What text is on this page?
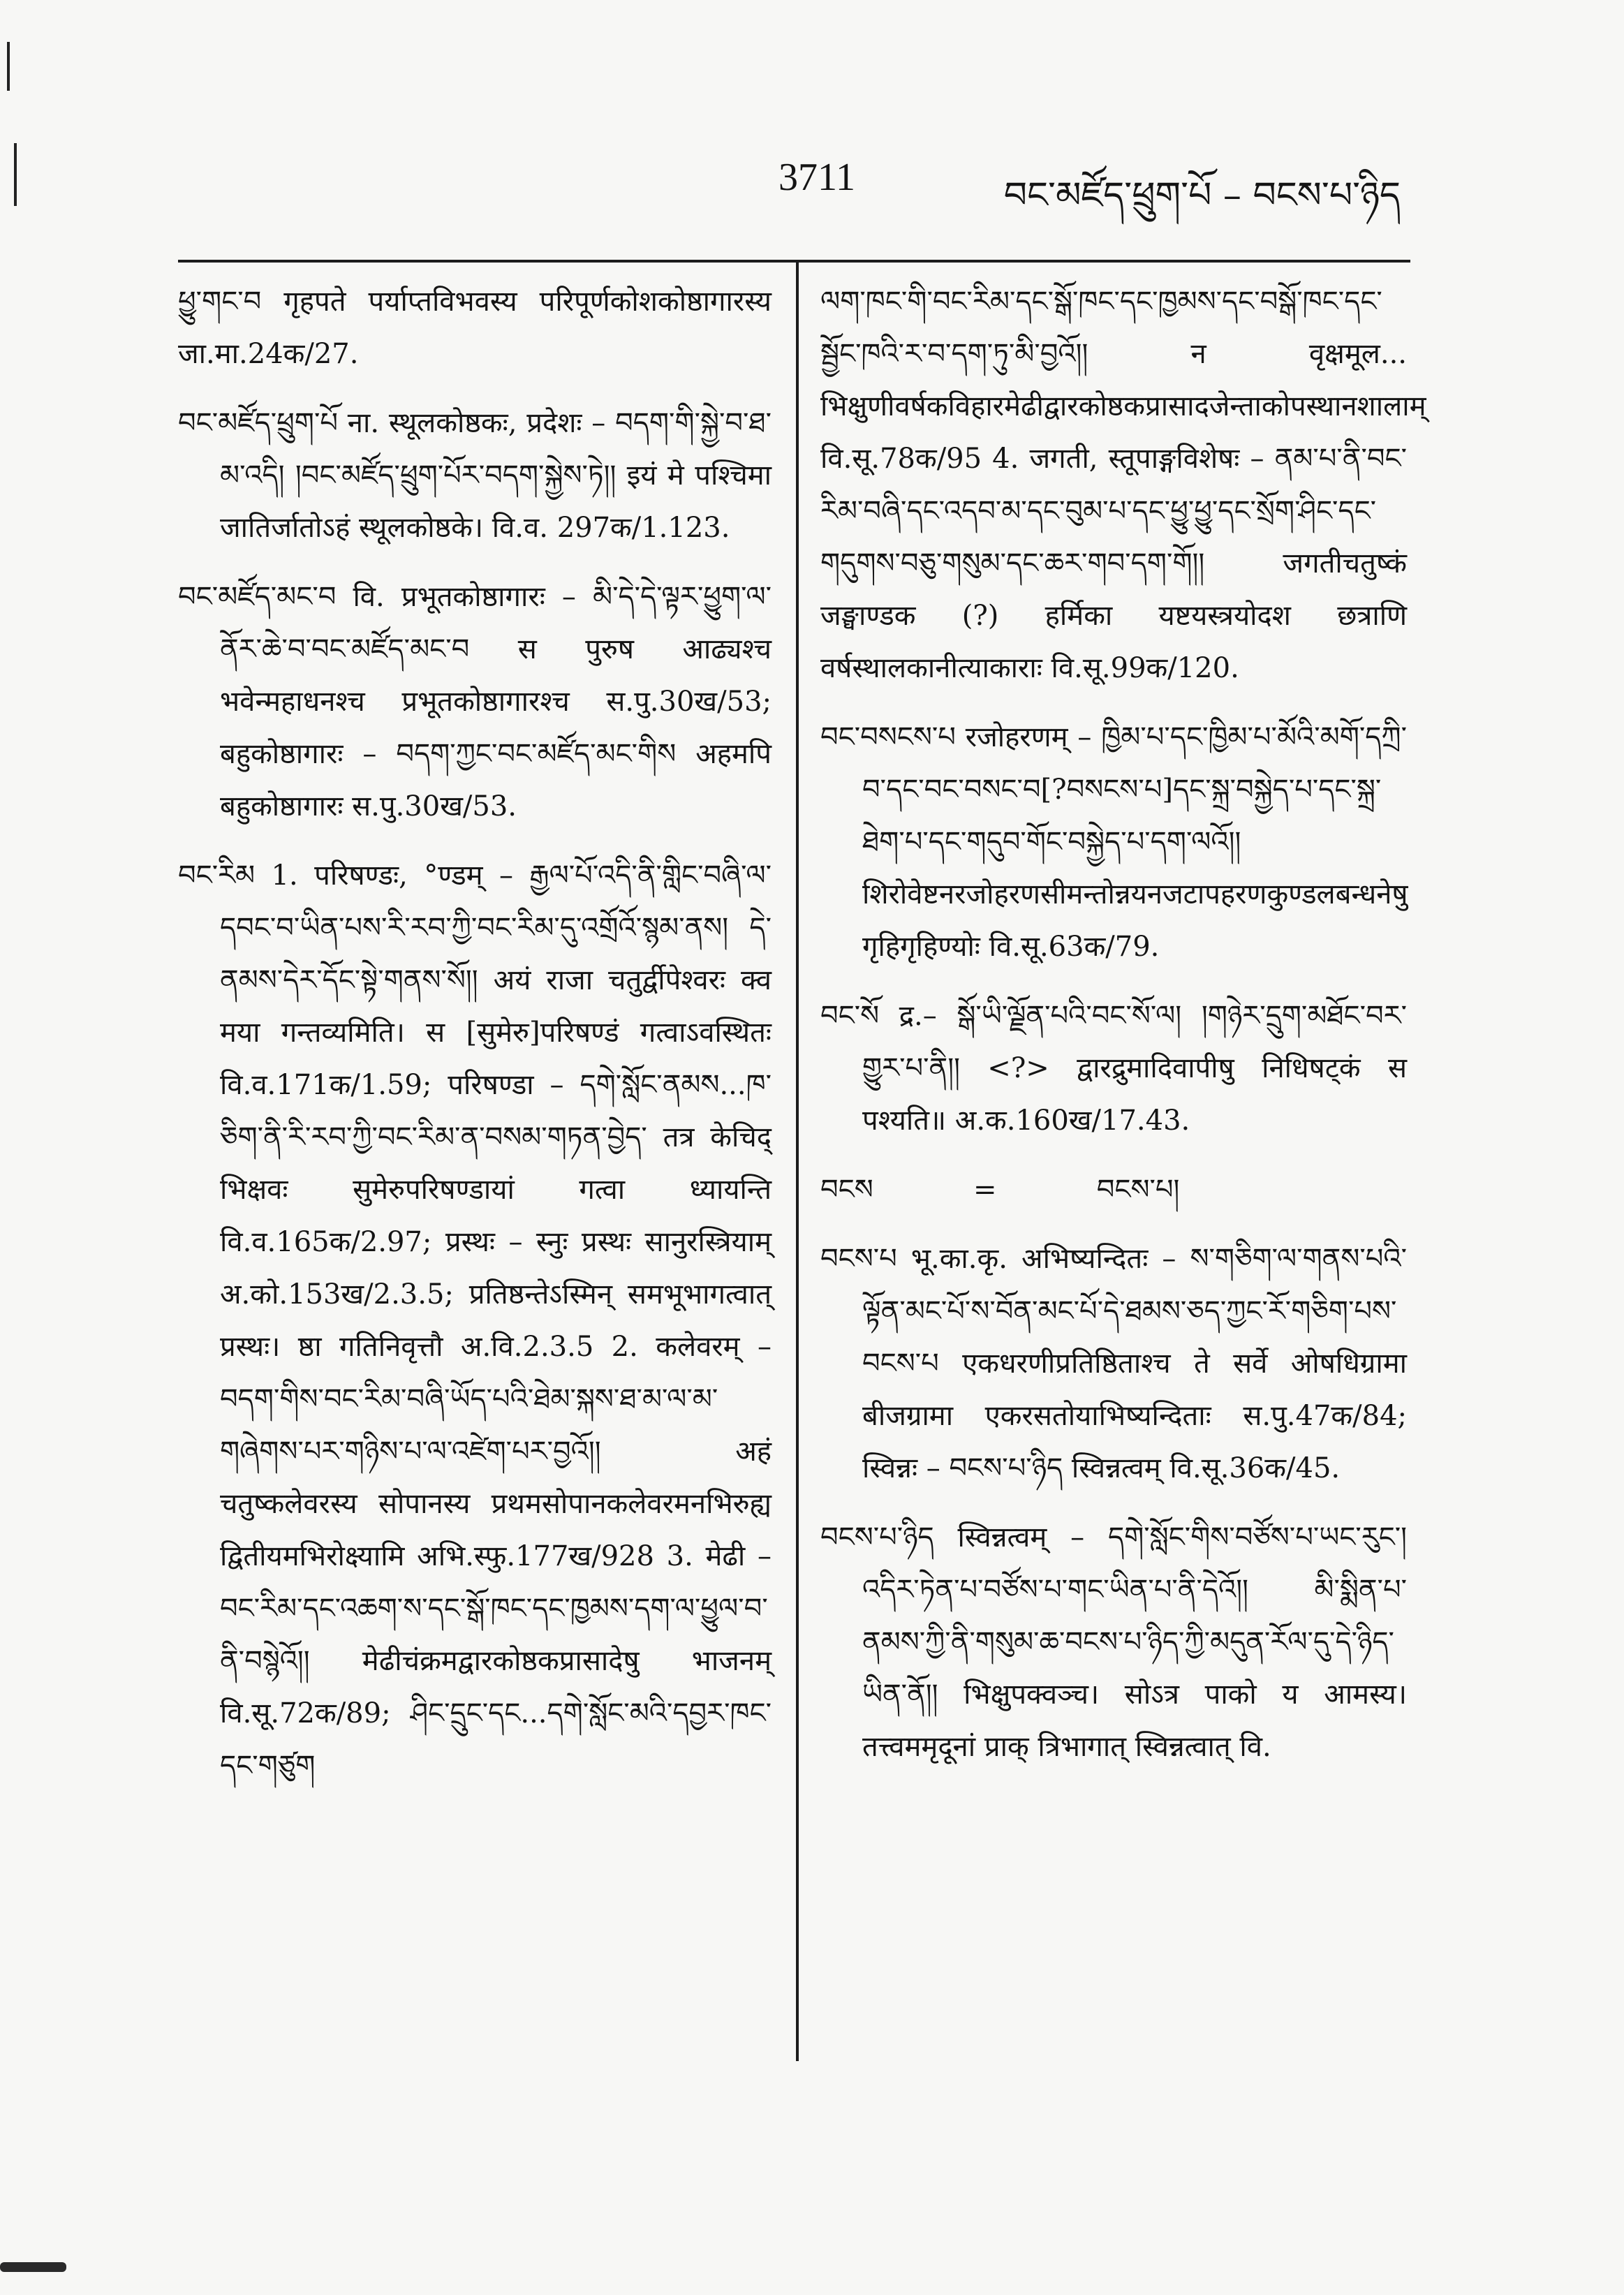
3711	བང་མཛོད་ཕྲུག་པོ – བངས་པ་ཉིད

ཕྱུ་གང་བ गृहपते पर्याप्तविभवस्य परिपूर्णकोशकोष्ठागारस्य जा.मा.24क/27.

བང་མཛོད་ཕྲུག་པོ ना. स्थूलकोष्ठकः, प्रदेशः – བདག་གི་སྐྱེ་བ་ཐ་མ་འདི། །བང་མཛོད་ཕྲུག་པོར་བདག་སྐྱེས་ཏེ།། इयं मे पश्चिमा जातिर्जातोऽहं स्थूलकोष्ठके। वि.व. 297क/1.123.

བང་མཛོད་མང་བ वि. प्रभूतकोष्ठागारः – མི་དེ་དེ་ལྟར་ཕྱུག་ལ་ནོར་ཆེ་བ་བང་མཛོད་མང་བ स पुरुष आढ्यश्च भवेन्महाधनश्च प्रभूतकोष्ठागारश्च स.पु.30ख/53; बहुकोष्ठागारः – བདག་ཀྱང་བང་མཛོད་མང་གིས अहमपि बहुकोष्ठागारः स.पु.30ख/53.

བང་རིམ 1. परिषण्डः, °ण्डम् – རྒྱལ་པོ་འདི་ནི་གླིང་བཞི་ལ་དབང་བ་ཡིན་པས་རི་རབ་ཀྱི་བང་རིམ་དུ་འགྲོའོ་སྙམ་ནས། དེ་ནམས་དེར་དོང་སྟེ་གནས་སོ།། अयं राजा चतुर्द्वीपेश्वरः क्व मया गन्तव्यमिति। स [सुमेरु]परिषण्डं गत्वाऽवस्थितः वि.व.171क/1.59; परिषण्डा – དགེ་སློང་ནམས...ཁ་ཅིག་ནི་རི་རབ་ཀྱི་བང་རིམ་ན་བསམ་གཏན་བྱེད་ तत्र केचिद् भिक्षवः सुमेरुपरिषण्डायां गत्वा ध्यायन्ति वि.व.165क/2.97; प्रस्थः – स्नुः प्रस्थः सानुरस्त्रियाम् अ.को.153ख/2.3.5; प्रतिष्ठन्तेऽस्मिन् समभूभागत्वात् प्रस्थः। ष्ठा गतिनिवृत्तौ अ.वि.2.3.5 2. कलेवरम् – བདག་གིས་བང་རིམ་བཞི་ཡོད་པའི་ཐེམ་སྐས་ཐ་མ་ལ་མ་གཞེགས་པར་གཉིས་པ་ལ་འཛེག་པར་བྱའོ།། अहं चतुष्कलेवरस्य सोपानस्य प्रथमसोपानकलेवरमनभिरुह्य द्वितीयमभिरोक्ष्यामि अभि.स्फु.177ख/928 3. मेढी – བང་རིམ་དང་འཆག་ས་དང་སྒོ་ཁང་དང་ཁྱམས་དག་ལ་ཕྱུལ་བ་ནི་བསྙེའོ།། मेढीचंक्रमद्वारकोष्ठकप्रासादेषु भाजनम् वि.सू.72क/89; ཤིང་དྲུང་དང...དགེ་སློང་མའི་དབྱར་ཁང་དང་གཙུག

ལག་ཁང་གི་བང་རིམ་དང་སྒོ་ཁང་དང་ཁྱམས་དང་བསྒོ་ཁང་དང་སྦྱོང་ཁའི་ར་བ་དག་ཏུ་མི་བྱའོ།། न वृक्षमूल... भिक्षुणीवर्षकविहारमेढीद्वारकोष्ठकप्रासादजेन्ताकोपस्थानशालाम् वि.सू.78क/95 4. जगती, स्तूपाङ्गविशेषः – ནམ་པ་ནི་བང་རིམ་བཞི་དང་འདབ་མ་དང་བུམ་པ་དང་ཕྱུ་ཕྱུ་དང་སྲོག་ཤིང་དང་གདུགས་བཅུ་གསུམ་དང་ཆར་གབ་དག་གོ།། जगतीचतुष्कं जङ्घाण्डक (?) हर्मिका यष्टयस्त्रयोदश छत्राणि वर्षस्थालकानीत्याकाराः वि.सू.99क/120.

བང་བསངས་པ रजोहरणम् – ཁྱིམ་པ་དང་ཁྱིམ་པ་མོའི་མགོ་དཀྲི་བ་དང་བང་བསང་བ[?བསངས་པ]དང་སྐྲ་བསྐྱེད་པ་དང་སྐྲ་ཐེག་པ་དང་གདུབ་གོང་བསྐྱེད་པ་དག་ལའོ།། शिरोवेष्टनरजोहरणसीमन्तोन्नयनजटापहरणकुण्डलबन्धनेषु गृहिगृहिण्योः वि.सू.63क/79.

བང་སོ द्र.– སྒོ་ཡི་ལྗོན་པའི་བང་སོ་ལ། །གཉེར་དྲུག་མཐོང་བར་གྱུར་པ་ནི།། <?> द्वारद्रुमादिवापीषु निधिषट्कं स पश्यति॥ अ.क.160ख/17.43.

བངས	=	བངས་པ།

བངས་པ भू.का.कृ. अभिष्यन्दितः – ས་གཅིག་ལ་གནས་པའི་ལྟོན་མང་པོ་ས་བོན་མང་པོ་དེ་ཐམས་ཅད་ཀྱང་རོ་གཅིག་པས་བངས་པ एकधरणीप्रतिष्ठिताश्च ते सर्वे ओषधिग्रामा बीजग्रामा एकरसतोयाभिष्यन्दिताः स.पु.47क/84; स्विन्नः – བངས་པ་ཉིད स्विन्नत्वम् वि.सू.36क/45.

བངས་པ་ཉིད स्विन्नत्वम् – དགེ་སློང་གིས་བཙོས་པ་ཡང་རུང་། འདིར་ཏེན་པ་བཙོས་པ་གང་ཡིན་པ་ནི་དེའོ།། མི་སྨིན་པ་ནམས་ཀྱི་ནི་གསུམ་ཆ་བངས་པ་ཉིད་ཀྱི་མདུན་རོལ་དུ་དེ་ཉིད་ཡིན་ནོ།། भिक्षुपक्वञ्च। सोऽत्र पाको य आमस्य। तत्त्वममृदूनां प्राक् त्रिभागात् स्विन्नत्वात् वि.
